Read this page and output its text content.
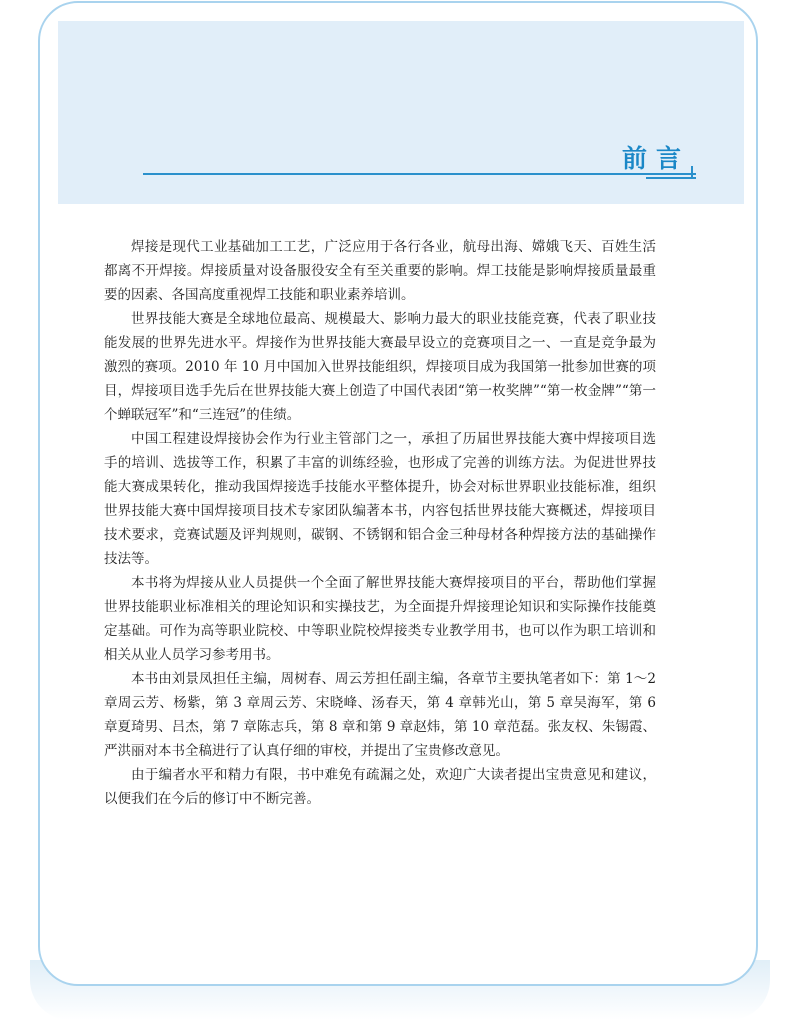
前言

焊接是现代工业基础加工工艺，广泛应用于各行各业，航母出海、嫦娥飞天、百姓生活都离不开焊接。焊接质量对设备服役安全有至关重要的影响。焊工技能是影响焊接质量最重要的因素、各国高度重视焊工技能和职业素养培训。

世界技能大赛是全球地位最高、规模最大、影响力最大的职业技能竞赛，代表了职业技能发展的世界先进水平。焊接作为世界技能大赛最早设立的竞赛项目之一、一直是竞争最为激烈的赛项。2010 年 10 月中国加入世界技能组织，焊接项目成为我国第一批参加世赛的项目，焊接项目选手先后在世界技能大赛上创造了中国代表团“第一枚奖牌”“第一枚金牌”“第一个蝉联冠军”和“三连冠”的佳绩。

中国工程建设焊接协会作为行业主管部门之一，承担了历届世界技能大赛中焊接项目选手的培训、选拔等工作，积累了丰富的训练经验，也形成了完善的训练方法。为促进世界技能大赛成果转化，推动我国焊接选手技能水平整体提升，协会对标世界职业技能标准，组织世界技能大赛中国焊接项目技术专家团队编著本书，内容包括世界技能大赛概述，焊接项目技术要求，竞赛试题及评判规则，碳钢、不锈钢和铝合金三种母材各种焊接方法的基础操作技法等。

本书将为焊接从业人员提供一个全面了解世界技能大赛焊接项目的平台，帮助他们掌握世界技能职业标准相关的理论知识和实操技艺，为全面提升焊接理论知识和实际操作技能奠定基础。可作为高等职业院校、中等职业院校焊接类专业教学用书，也可以作为职工培训和相关从业人员学习参考用书。

本书由刘景凤担任主编，周树春、周云芳担任副主编，各章节主要执笔者如下：第 1～2 章周云芳、杨紫，第 3 章周云芳、宋晓峰、汤春天，第 4 章韩光山，第 5 章吴海军，第 6 章夏琦男、吕杰，第 7 章陈志兵，第 8 章和第 9 章赵炜，第 10 章范磊。张友权、朱锡霞、严洪丽对本书全稿进行了认真仔细的审校，并提出了宝贵修改意见。

由于编者水平和精力有限，书中难免有疏漏之处，欢迎广大读者提出宝贵意见和建议，以便我们在今后的修订中不断完善。
